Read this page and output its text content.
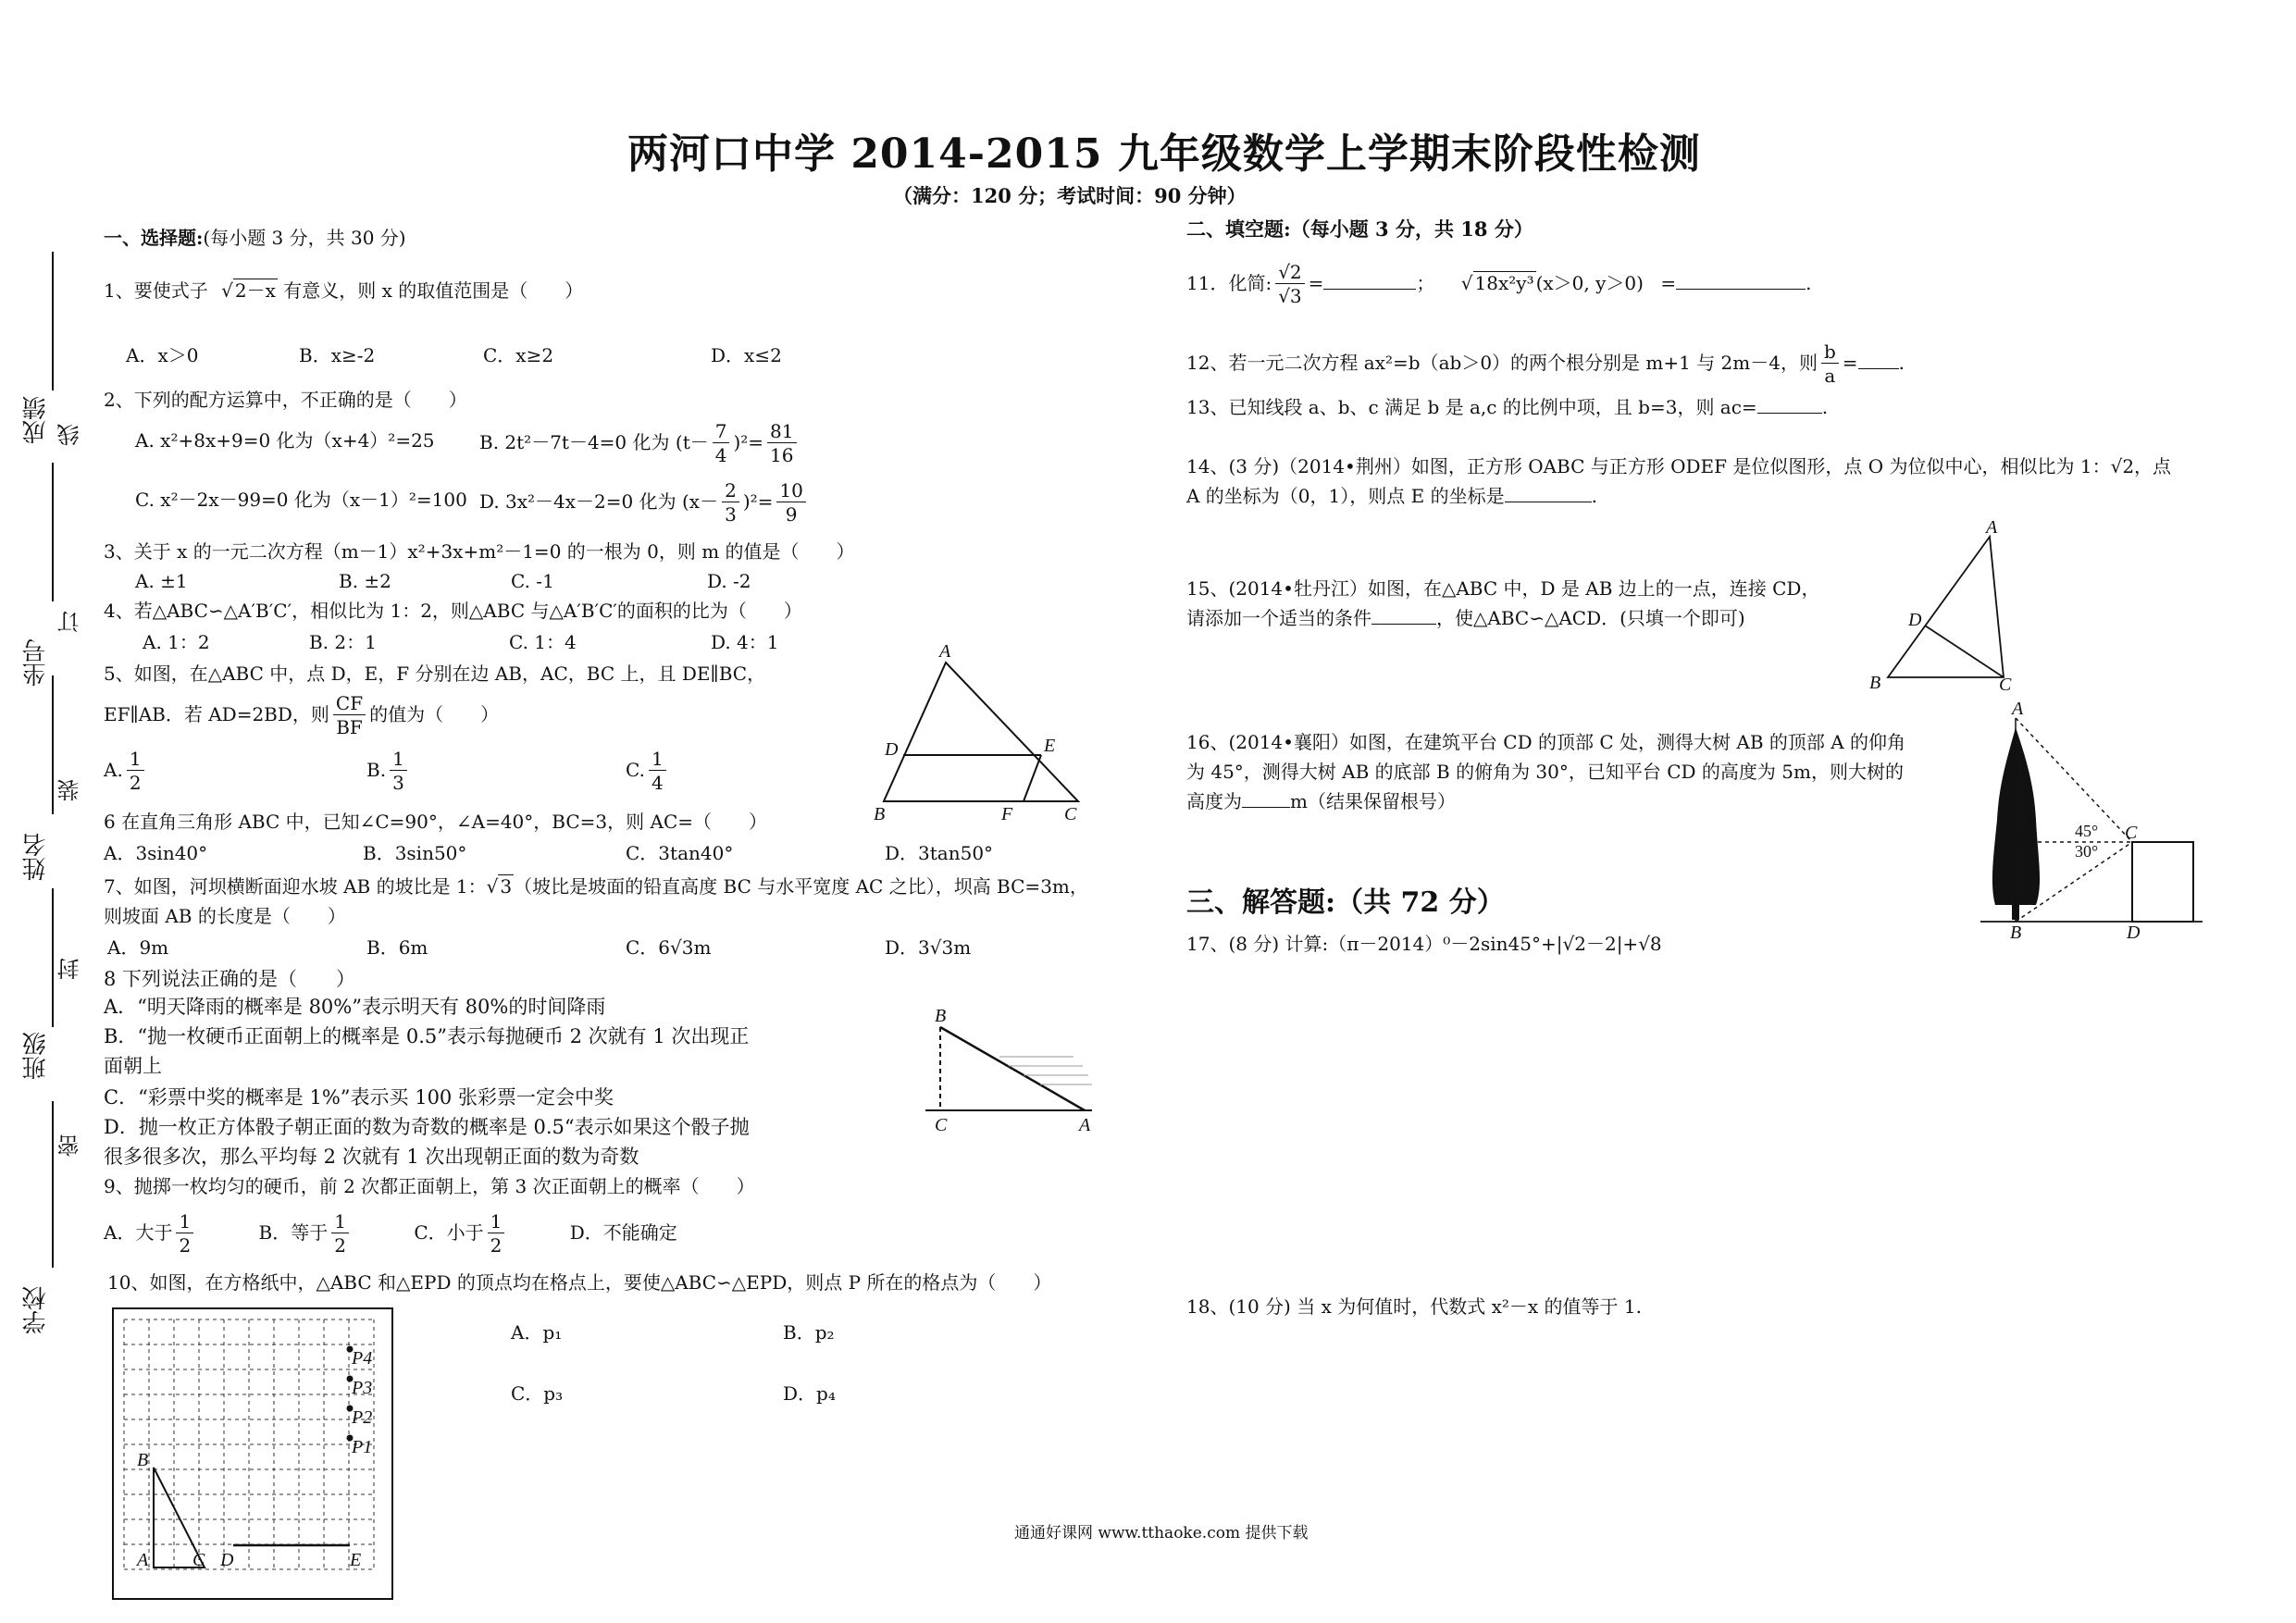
两河口中学 2014-2015 九年级数学上学期末阶段性检测
（满分：120 分；考试时间：90 分钟）
成绩
坐号
姓名
班级
学校
线
订
装
封
密
一、选择题:(每小题 3 分，共 30 分)
1、要使式子 √ 2－x 有意义，则 x 的取值范围是（　　）
A．x＞0	B．x≥-2	C．x≥2	D．x≤2
2、下列的配方运算中，不正确的是（　　）
A. x²+8x+9=0 化为（x+4）²=25 B. 2t²－7t－4=0 化为 $(t- \frac{7}{4} )^2= \frac{81}{16}$
C. x²－2x－99=0 化为（x－1）²=100 D. 3x²－4x－2=0 化为 $(x- \frac{2}{3} )^2= \frac{10}{9}$
3、关于 x 的一元二次方程（m－1）x²+3x+m²－1=0 的一根为 0，则 m 的值是（　　）
A. ±1	B. ±2	C. -1	D. -2
4、若△ABC∽△A′B′C′，相似比为 1：2，则△ABC 与△A′B′C′的面积的比为（　　）
A. 1：2	B. 2：1	C. 1：4	D. 4：1
5、如图，在△ABC 中，点 D，E，F 分别在边 AB，AC，BC 上，且 DE∥BC，
EF∥AB．若 AD=2BD，则 $\frac{CF}{BF}$ 的值为（　　）
A. $\frac{1}{2}$	B. $\frac{1}{3}$	C. $\frac{1}{4}$
A
D	E
B	F	C
6 在直角三角形 ABC 中，已知∠C=90°，∠A=40°，BC=3，则 AC=（　　）
A．3sin40°	B．3sin50°	C．3tan40°	D．3tan50°
7、如图，河坝横断面迎水坡 AB 的坡比是 1：√ 3 （坡比是坡面的铅直高度 BC 与水平宽度 AC 之比），坝高 BC=3m，
则坡面 AB 的长度是（　　）
A．9m	B．6m	C．6√3m	D．3√3m
8 下列说法正确的是（　　）
A．“明天降雨的概率是 80%”表示明天有 80%的时间降雨
B．“抛一枚硬币正面朝上的概率是 0.5”表示每抛硬币 2 次就有 1 次出现正
面朝上
C．“彩票中奖的概率是 1%”表示买 100 张彩票一定会中奖
D．抛一枚正方体骰子朝正面的数为奇数的概率是 0.5“表示如果这个骰子抛
很多很多次，那么平均每 2 次就有 1 次出现朝正面的数为奇数
B
C	A
9、抛掷一枚均匀的硬币，前 2 次都正面朝上，第 3 次正面朝上的概率（　　）
A．大于 $\frac{1}{2}$	B．等于 $\frac{1}{2}$	C．小于 $\frac{1}{2}$	D．不能确定
10、如图，在方格纸中，△ABC 和△EPD 的顶点均在格点上，要使△ABC∽△EPD，则点 P 所在的格点为（　　）
A．p₁	B．p₂
C．p₃	D．p₄
B
A C D	E
P4
P3
P2
P1
二、填空题:（每小题 3 分，共 18 分）
11．化简: $\frac{√2}{√3}$ =	； √ 18x²y³ (x＞0, y＞0) =	.
12、若一元二次方程 ax²=b（ab＞0）的两个根分别是 m+1 与 2m－4，则 $\frac{b}{a}$ = .
13、已知线段 a、b、c 满足 b 是 a,c 的比例中项，且 b=3，则 ac=	.
14、(3 分)（2014•荆州）如图，正方形 OABC 与正方形 ODEF 是位似图形，点 O 为位似中心，相似比为 1：√2，点
A 的坐标为（0，1），则点 E 的坐标是	.
15、(2014•牡丹江）如图，在△ABC 中，D 是 AB 边上的一点，连接 CD，
请添加一个适当的条件	，使△ABC∽△ACD．(只填一个即可)
A
D
B	C
16、(2014•襄阳）如图，在建筑平台 CD 的顶部 C 处，测得大树 AB 的顶部 A 的仰角
为 45°，测得大树 AB 的底部 B 的俯角为 30°，已知平台 CD 的高度为 5m，则大树的
高度为	m（结果保留根号）
A
45°
30°
C
B	D
三、解答题:（共 72 分）
17、(8 分) 计算:（π－2014）⁰－2sin45°+|√2－2|+√8
18、(10 分) 当 x 为何值时，代数式 x²－x 的值等于 1.
通通好课网 www.tthaoke.com 提供下载
